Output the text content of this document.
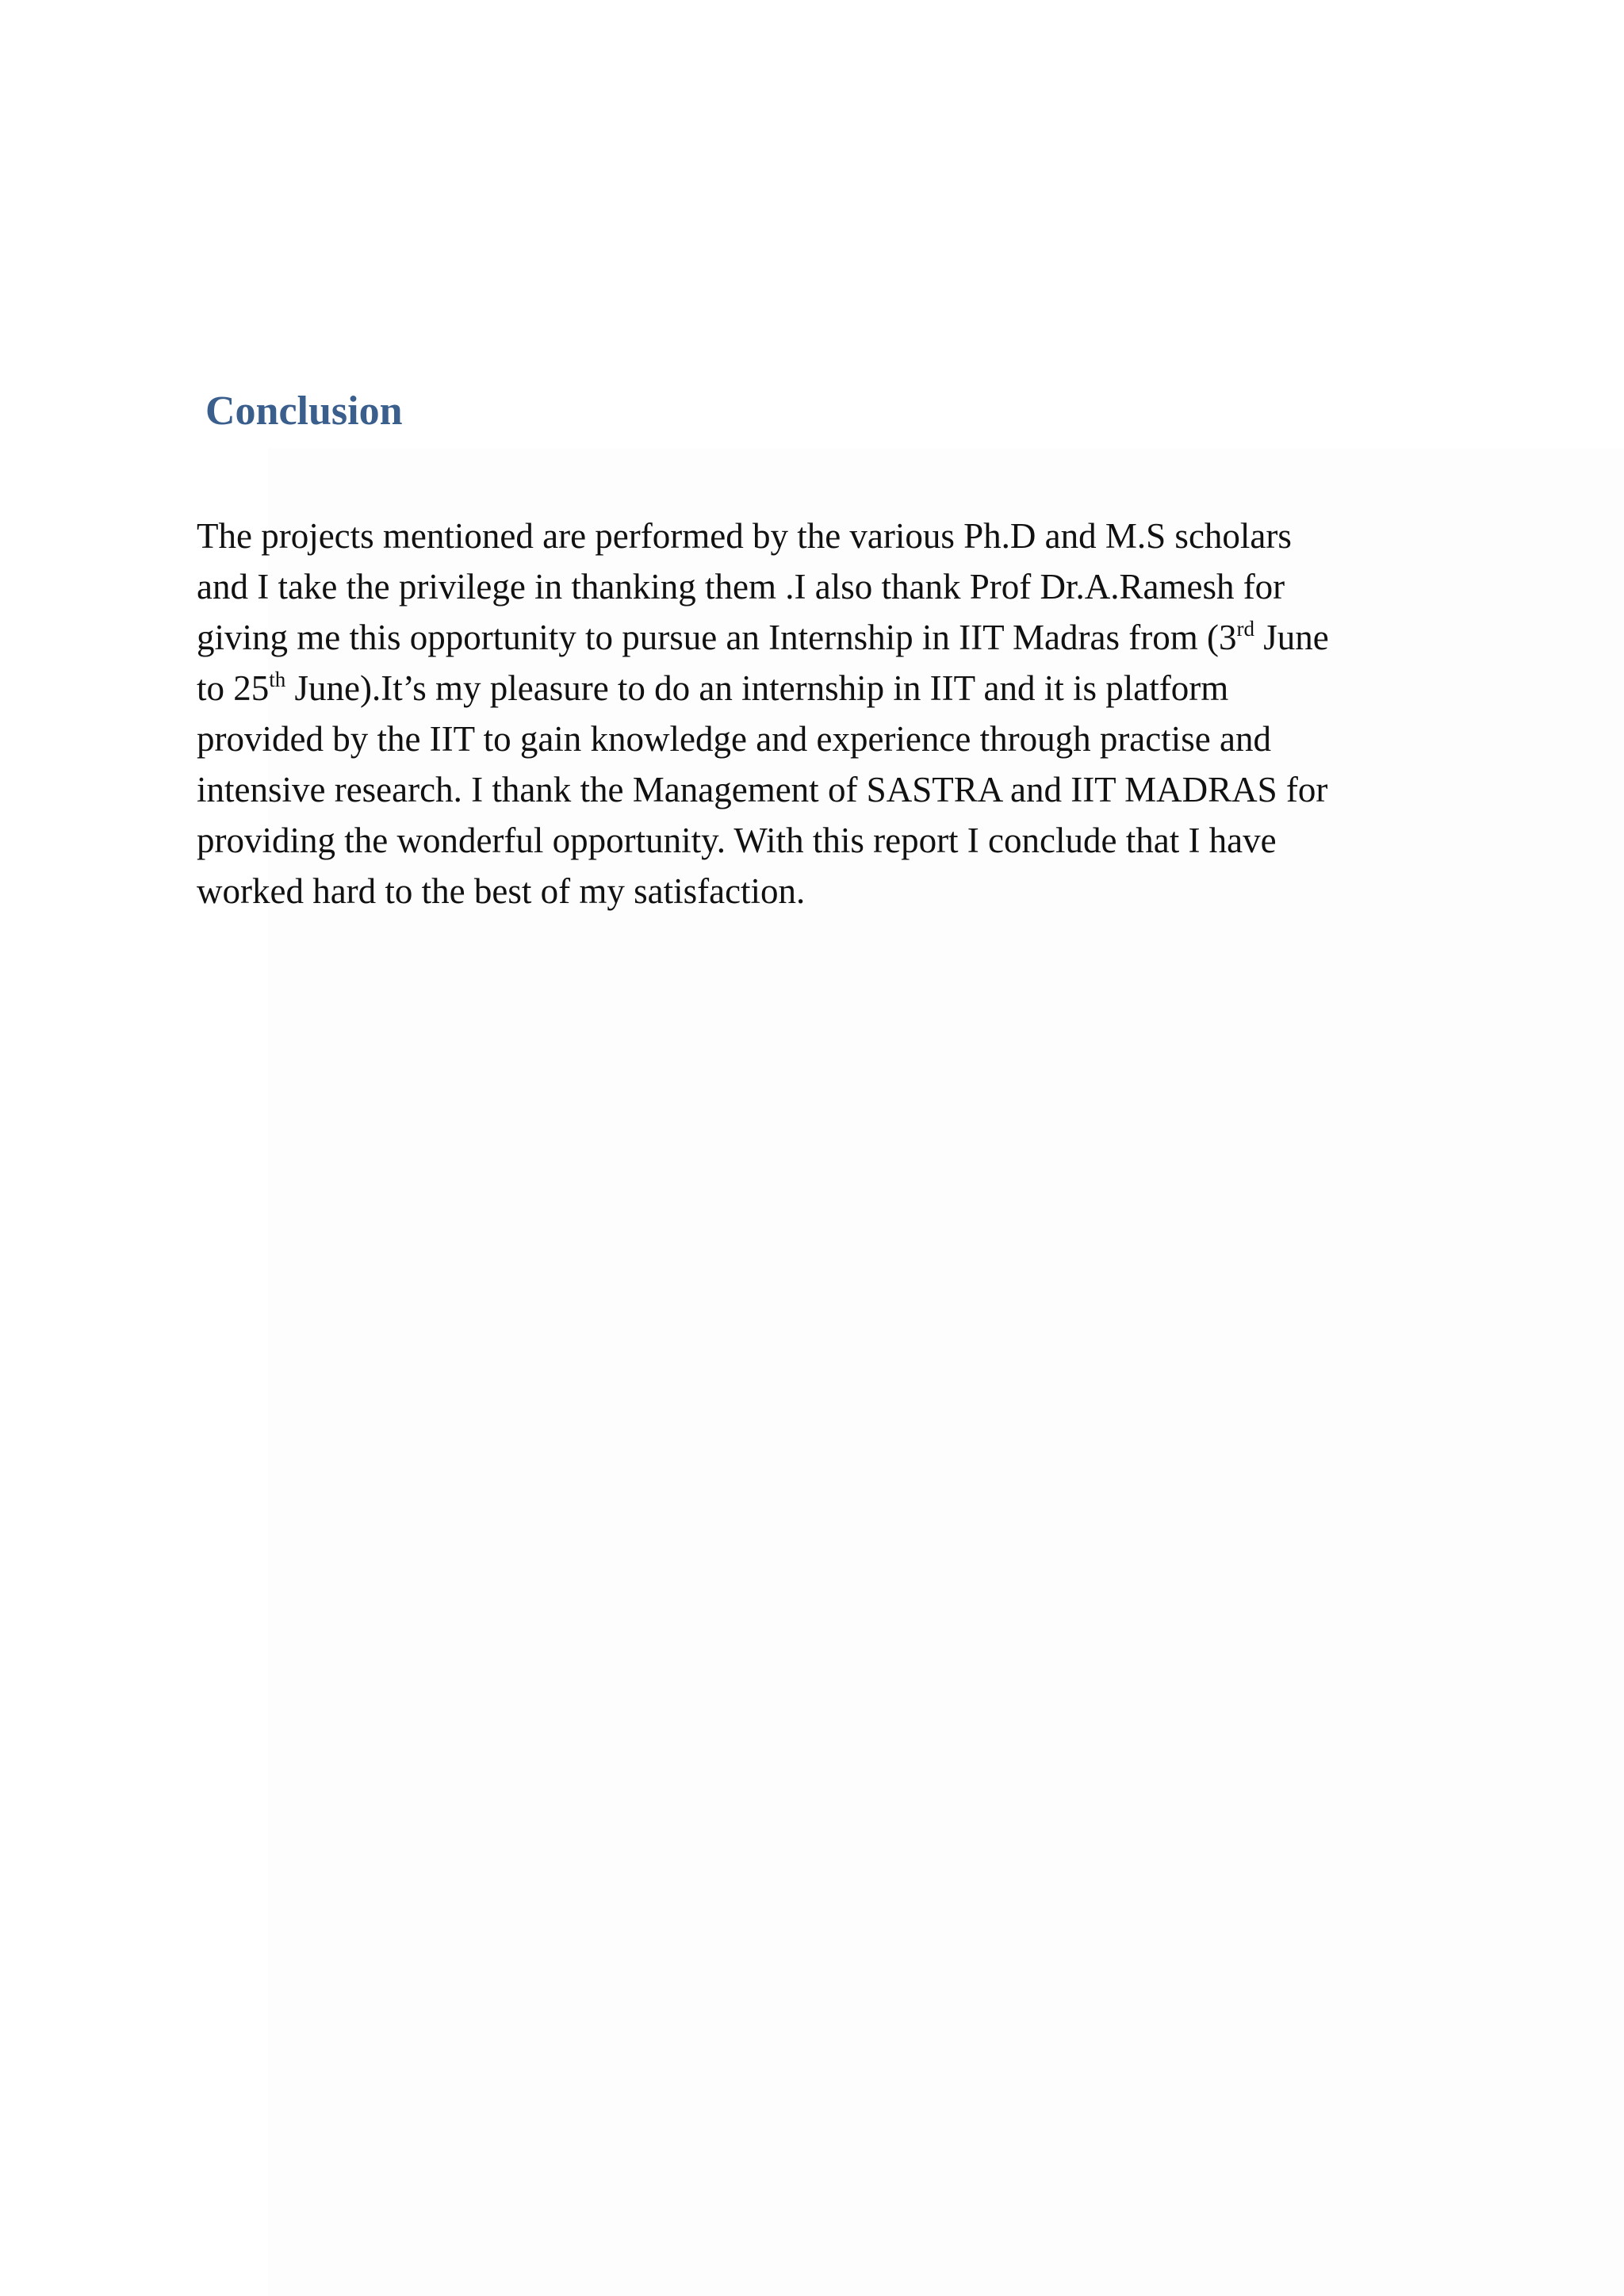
Conclusion

The projects mentioned are performed by the various Ph.D and M.S scholars
and I take the privilege in thanking them .I also thank Prof Dr.A.Ramesh for
giving me this opportunity to pursue an Internship in IIT Madras from (3rd June
to 25th June).It’s my pleasure to do an internship in IIT and it is platform
provided by the IIT to gain knowledge and experience through practise and
intensive research. I thank the Management of SASTRA and IIT MADRAS for
providing the wonderful opportunity. With this report I conclude that I have
worked hard to the best of my satisfaction.
